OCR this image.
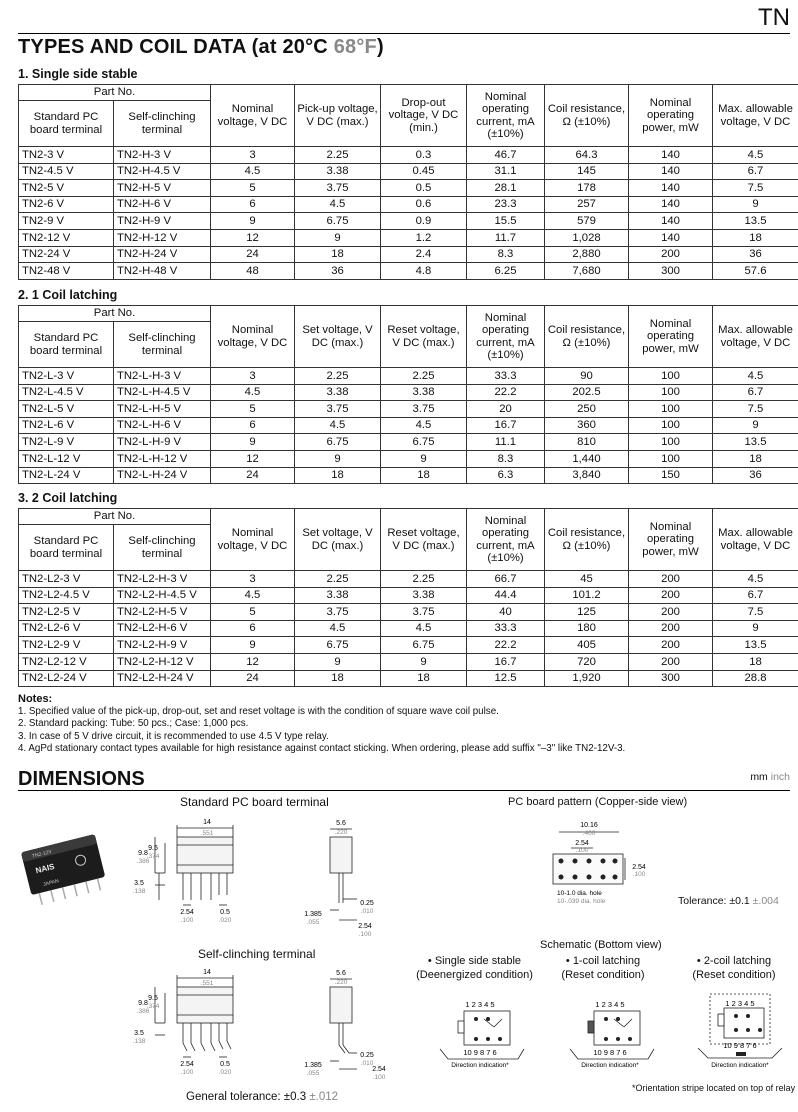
TN
TYPES AND COIL DATA (at 20°C 68°F)
1. Single side stable
Part No.		Nominal voltage, V DC	Pick-up voltage, V DC (max.)	Drop-out voltage, V DC (min.)	Nominal operating current, mA (±10%)	Coil resistance, Ω (±10%)	Nominal operating power, mW	Max. allowable voltage, V DC
Standard PC board terminal	Self-clinching terminal							
TN2-3 V	TN2-H-3 V	3	2.25	0.3	46.7	64.3	140	4.5
TN2-4.5 V	TN2-H-4.5 V	4.5	3.38	0.45	31.1	145	140	6.7
TN2-5 V	TN2-H-5 V	5	3.75	0.5	28.1	178	140	7.5
TN2-6 V	TN2-H-6 V	6	4.5	0.6	23.3	257	140	9
TN2-9 V	TN2-H-9 V	9	6.75	0.9	15.5	579	140	13.5
TN2-12 V	TN2-H-12 V	12	9	1.2	11.7	1,028	140	18
TN2-24 V	TN2-H-24 V	24	18	2.4	8.3	2,880	200	36
TN2-48 V	TN2-H-48 V	48	36	4.8	6.25	7,680	300	57.6
2. 1 Coil latching
Part No.		Nominal voltage, V DC	Set voltage, V DC (max.)	Reset voltage, V DC (max.)	Nominal operating current, mA (±10%)	Coil resistance, Ω (±10%)	Nominal operating power, mW	Max. allowable voltage, V DC
Standard PC board terminal	Self-clinching terminal							
TN2-L-3 V	TN2-L-H-3 V	3	2.25	2.25	33.3	90	100	4.5
TN2-L-4.5 V	TN2-L-H-4.5 V	4.5	3.38	3.38	22.2	202.5	100	6.7
TN2-L-5 V	TN2-L-H-5 V	5	3.75	3.75	20	250	100	7.5
TN2-L-6 V	TN2-L-H-6 V	6	4.5	4.5	16.7	360	100	9
TN2-L-9 V	TN2-L-H-9 V	9	6.75	6.75	11.1	810	100	13.5
TN2-L-12 V	TN2-L-H-12 V	12	9	9	8.3	1,440	100	18
TN2-L-24 V	TN2-L-H-24 V	24	18	18	6.3	3,840	150	36
3. 2 Coil latching
Part No.		Nominal voltage, V DC	Set voltage, V DC (max.)	Reset voltage, V DC (max.)	Nominal operating current, mA (±10%)	Coil resistance, Ω (±10%)	Nominal operating power, mW	Max. allowable voltage, V DC
Standard PC board terminal	Self-clinching terminal							
TN2-L2-3 V	TN2-L2-H-3 V	3	2.25	2.25	66.7	45	200	4.5
TN2-L2-4.5 V	TN2-L2-H-4.5 V	4.5	3.38	3.38	44.4	101.2	200	6.7
TN2-L2-5 V	TN2-L2-H-5 V	5	3.75	3.75	40	125	200	7.5
TN2-L2-6 V	TN2-L2-H-6 V	6	4.5	4.5	33.3	180	200	9
TN2-L2-9 V	TN2-L2-H-9 V	9	6.75	6.75	22.2	405	200	13.5
TN2-L2-12 V	TN2-L2-H-12 V	12	9	9	16.7	720	200	18
TN2-L2-24 V	TN2-L2-H-24 V	24	18	18	12.5	1,920	300	28.8
Notes:
1. Specified value of the pick-up, drop-out, set and reset voltage is with the condition of square wave coil pulse.
2. Standard packing: Tube: 50 pcs.; Case: 1,000 pcs.
3. In case of 5 V drive circuit, it is recommended to use 4.5 V type relay.
4. AgPd stationary contact types available for high resistance against contact sticking. When ordering, please add suffix "–3" like TN2-12V-3.
DIMENSIONS	mm inch
Standard PC board terminal	PC board pattern (Copper-side view)
Self-clinching terminal
TN2-12V
NAIS
JAPAN
14
.551
9.8
.386
9.5
.374
3.5
.138
2.54
.100
0.5
.020
5.6
.220
0.25
.010
1.385
.055
2.54
.100
10.16
.400
2.54
.100
2.54
.100
10-1.0 dia. hole
10-.039 dia. hole	Tolerance: ±0.1 ±.004
14
.551
9.8
.386
9.5
.374
3.5
.138
2.54
.100
0.5
.020
5.6
.220
0.25
.010
1.385
.055
2.54
.100
General tolerance: ±0.3 ±.012
Schematic (Bottom view)
• Single side stable
(Deenergized condition)
• 1-coil latching
(Reset condition)
• 2-coil latching
(Reset condition)
1 2 3 4 5
10 9 8 7 6
Direction indication*
1 2 3 4 5
10 9 8 7 6
Direction indication*
1 2 3 4 5
10 9 8 7 6
Direction indication*
*Orientation stripe located on top of relay
